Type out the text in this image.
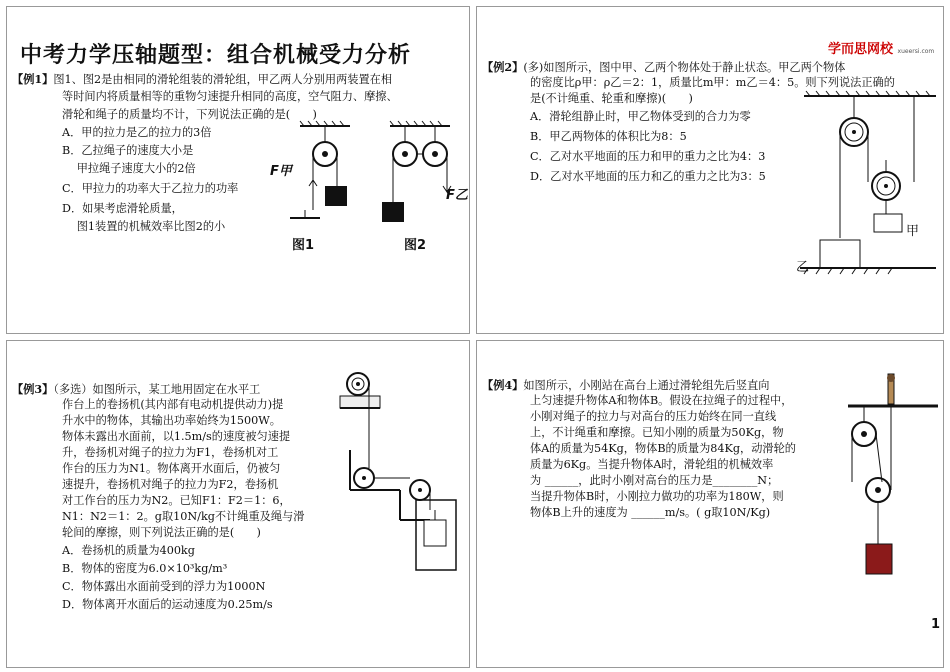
中考力学压轴题型：组合机械受力分析	学而思网校 xueersi.com
【例1】图1、图2是由相同的滑轮组装的滑轮组，甲乙两人分别用两装置在相
等时间内将质量相等的重物匀速提升相同的高度，空气阻力、摩擦、
滑轮和绳子的质量均不计，下列说法正确的是(　　)
A．甲的拉力是乙的拉力的3倍
B．乙拉绳子的速度大小是
　 甲拉绳子速度大小的2倍
C．甲拉力的功率大于乙拉力的功率
D．如果考虑滑轮质量，
　 图1装置的机械效率比图2的小
F甲
F乙
图1	图2
【例2】(多)如图所示，图中甲、乙两个物体处于静止状态。甲乙两个物体
的密度比ρ甲：ρ乙＝2：1，质量比m甲：m乙＝4：5。则下列说法正确的
是(不计绳重、轮重和摩擦)(　　)
A．滑轮组静止时，甲乙物体受到的合力为零
B．甲乙两物体的体积比为8：5
C．乙对水平地面的压力和甲的重力之比为4：3
D．乙对水平地面的压力和乙的重力之比为3：5
甲
乙
【例3】（多选）如图所示，某工地用固定在水平工
作台上的卷扬机(其内部有电动机提供动力)提
升水中的物体，其输出功率始终为1500W。
物体未露出水面前，以1.5m/s的速度被匀速提
升，卷扬机对绳子的拉力为F1，卷扬机对工
作台的压力为N1。物体离开水面后，仍被匀
速提升，卷扬机对绳子的拉力为F2，卷扬机
对工作台的压力为N2。已知F1：F2＝1：6，
N1：N2＝1：2。g取10N/kg不计绳重及绳与滑
轮间的摩擦，则下列说法正确的是(　　)
A．卷扬机的质量为400kg
B．物体的密度为6.0×10³kg/m³
C．物体露出水面前受到的浮力为1000N
D．物体离开水面后的运动速度为0.25m/s
【例4】如图所示，小刚站在高台上通过滑轮组先后竖直向
上匀速提升物体A和物体B。假设在拉绳子的过程中，
小刚对绳子的拉力与对高台的压力始终在同一直线
上，不计绳重和摩擦。已知小刚的质量为50Kg，物
体A的质量为54Kg，物体B的质量为84Kg，动滑轮的
质量为6Kg。当提升物体A时，滑轮组的机械效率
为 ______，此时小刚对高台的压力是________N；
当提升物体B时，小刚拉力做功的功率为180W，则
物体B上升的速度为 ______m/s。( g取10N/Kg)
1
